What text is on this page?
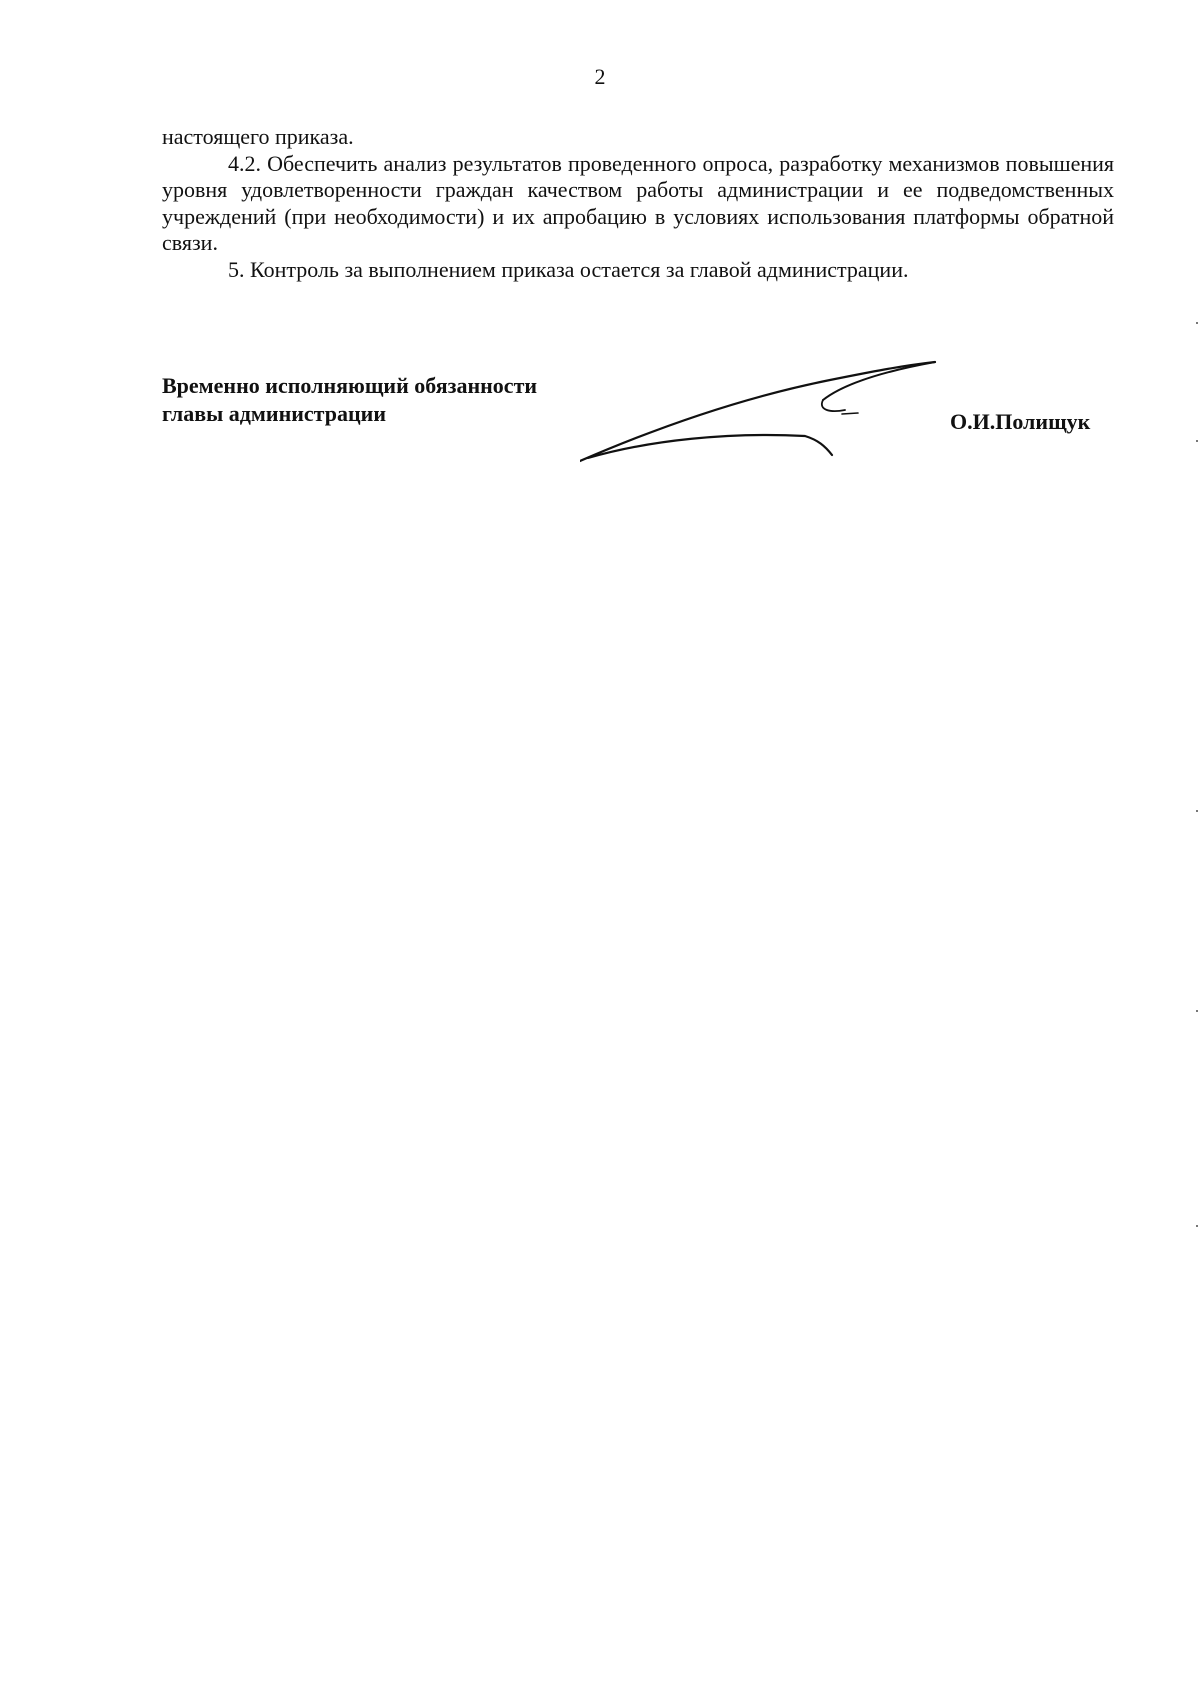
2

настоящего приказа.

4.2. Обеспечить анализ результатов проведенного опроса, разработку механизмов повышения уровня удовлетворенности граждан качеством работы администрации и ее подведомственных учреждений (при необходимости) и их апробацию в условиях использования платформы обратной связи.

5. Контроль за выполнением приказа остается за главой администрации.

Временно исполняющий обязанности
главы администрации	О.И.Полищук
